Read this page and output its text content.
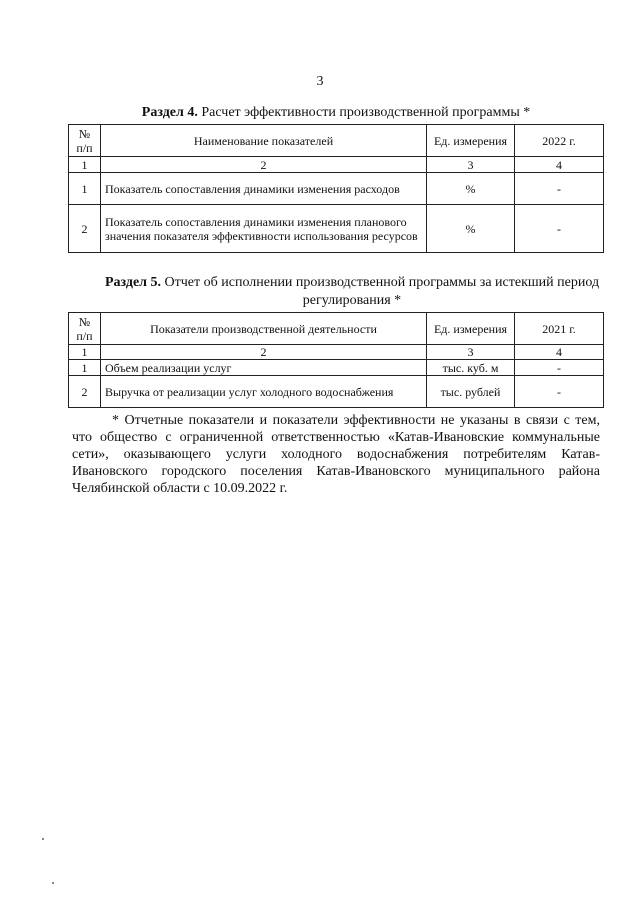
3
Раздел 4. Расчет эффективности производственной программы *
№ п/п	Наименование показателей	Ед. измерения	2022 г.
1	2	3	4
1	Показатель сопоставления динамики изменения расходов	%	-
2	Показатель сопоставления динамики изменения планового значения показателя эффективности использования ресурсов	%	-
Раздел 5. Отчет об исполнении производственной программы за истекший период регулирования *
№ п/п	Показатели производственной деятельности	Ед. измерения	2021 г.
1	2	3	4
1	Объем реализации услуг	тыс. куб. м	-
2	Выручка от реализации услуг холодного водоснабжения	тыс. рублей	-
* Отчетные показатели и показатели эффективности не указаны в связи с тем, что общество с ограниченной ответственностью «Катав-Ивановские коммунальные сети», оказывающего услуги холодного водоснабжения потребителям Катав-Ивановского городского поселения Катав-Ивановского муниципального района Челябинской области с 10.09.2022 г.
